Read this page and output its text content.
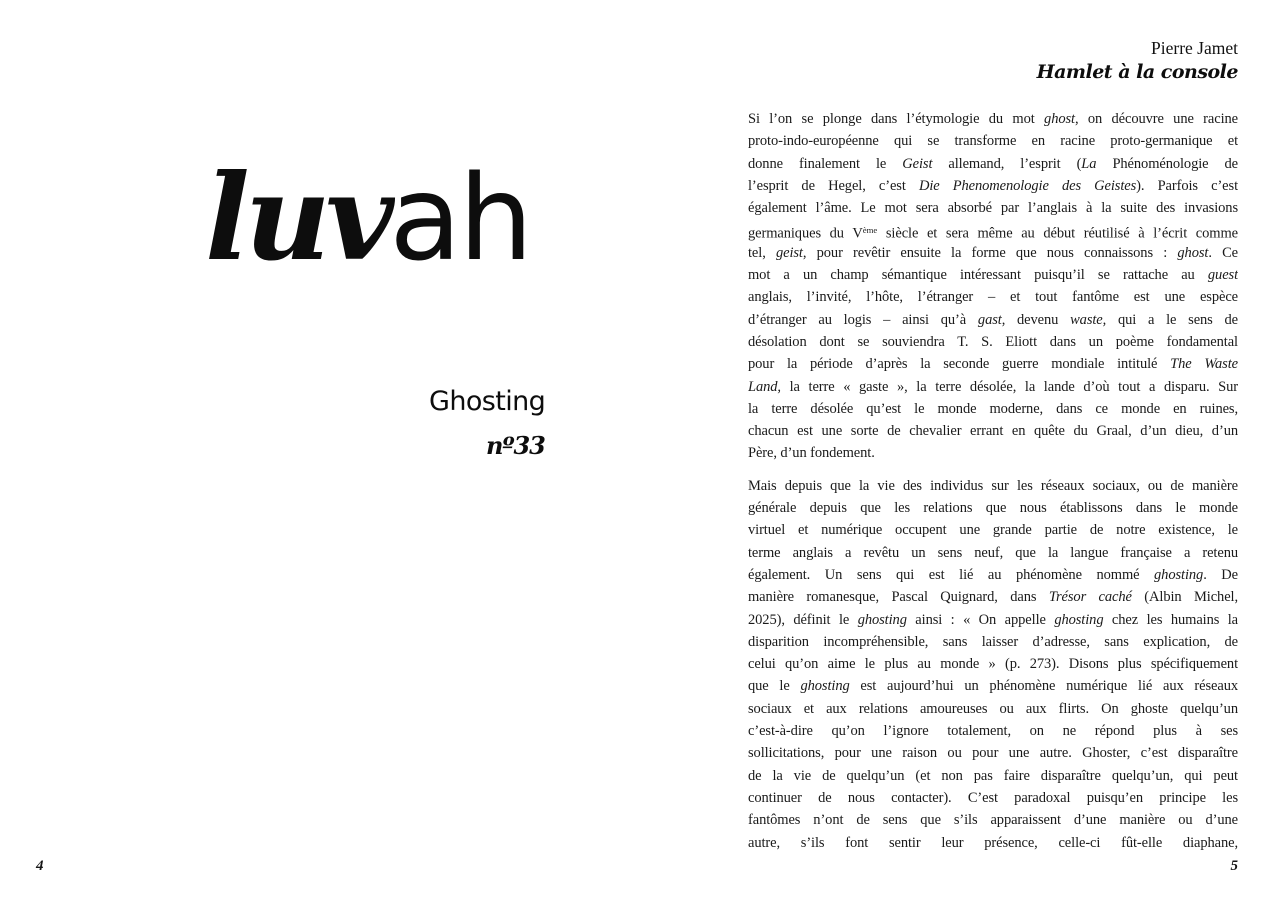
luvah
Ghosting
nº33
4
Pierre Jamet
Hamlet à la console
Si l’on se plonge dans l’étymologie du mot ghost, on découvre une racine
proto-indo-européenne qui se transforme en racine proto-germanique et
donne finalement le Geist allemand, l’esprit (La Phénoménologie de
l’esprit de Hegel, c’est Die Phenomenologie des Geistes). Parfois c’est
également l’âme. Le mot sera absorbé par l’anglais à la suite des invasions
germaniques du Vème siècle et sera même au début réutilisé à l’écrit comme
tel, geist, pour revêtir ensuite la forme que nous connaissons : ghost. Ce
mot a un champ sémantique intéressant puisqu’il se rattache au guest
anglais, l’invité, l’hôte, l’étranger – et tout fantôme est une espèce
d’étranger au logis – ainsi qu’à gast, devenu waste, qui a le sens de
désolation dont se souviendra T. S. Eliott dans un poème fondamental
pour la période d’après la seconde guerre mondiale intitulé The Waste
Land, la terre « gaste », la terre désolée, la lande d’où tout a disparu. Sur
la terre désolée qu’est le monde moderne, dans ce monde en ruines,
chacun est une sorte de chevalier errant en quête du Graal, d’un dieu, d’un
Père, d’un fondement.
Mais depuis que la vie des individus sur les réseaux sociaux, ou de manière
générale depuis que les relations que nous établissons dans le monde
virtuel et numérique occupent une grande partie de notre existence, le
terme anglais a revêtu un sens neuf, que la langue française a retenu
également. Un sens qui est lié au phénomène nommé ghosting. De
manière romanesque, Pascal Quignard, dans Trésor caché (Albin Michel,
2025), définit le ghosting ainsi : « On appelle ghosting chez les humains la
disparition incompréhensible, sans laisser d’adresse, sans explication, de
celui qu’on aime le plus au monde » (p. 273). Disons plus spécifiquement
que le ghosting est aujourd’hui un phénomène numérique lié aux réseaux
sociaux et aux relations amoureuses ou aux flirts. On ghoste quelqu’un
c’est-à-dire qu’on l’ignore totalement, on ne répond plus à ses
sollicitations, pour une raison ou pour une autre. Ghoster, c’est disparaître
de la vie de quelqu’un (et non pas faire disparaître quelqu’un, qui peut
continuer de nous contacter). C’est paradoxal puisqu’en principe les
fantômes n’ont de sens que s’ils apparaissent d’une manière ou d’une
autre, s’ils font sentir leur présence, celle-ci fût-elle diaphane,
5
